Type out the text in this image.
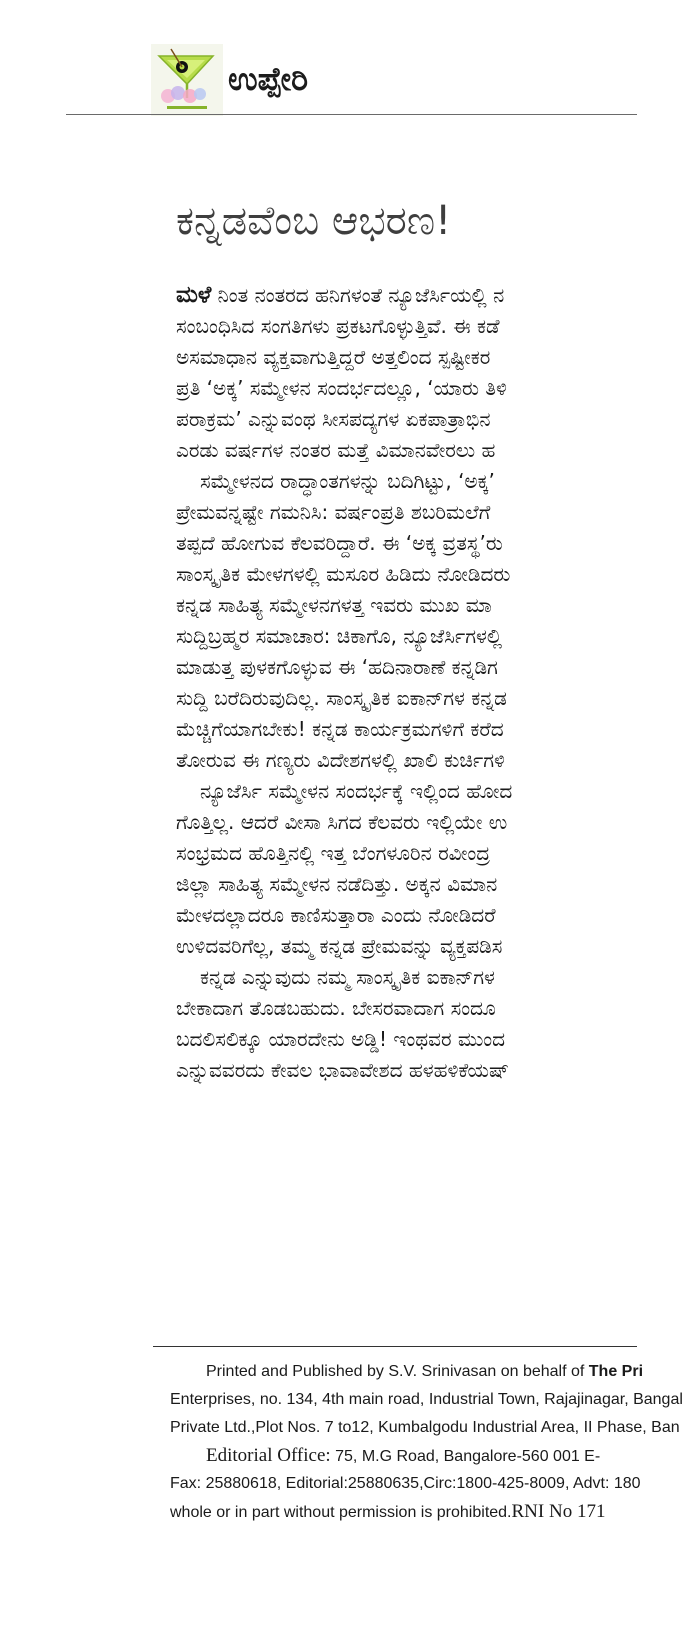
ಉಪ್ಪೇರಿ
ಕನ್ನಡವೆಂಬ ಆಭರಣ!
ಮಳೆ ನಿಂತ ನಂತರದ ಹನಿಗಳಂತೆ ನ್ಯೂಜೆರ್ಸಿಯಲ್ಲಿ ನ
ಸಂಬಂಧಿಸಿದ ಸಂಗತಿಗಳು ಪ್ರಕಟಗೊಳ್ಳುತ್ತಿವೆ. ಈ ಕಡೆ
ಅಸಮಾಧಾನ ವ್ಯಕ್ತವಾಗುತ್ತಿದ್ದರೆ ಅತ್ತಲಿಂದ ಸ್ಪಷ್ಟೀಕರ
ಪ್ರತಿ ‘ಅಕ್ಕ’ ಸಮ್ಮೇಳನ ಸಂದರ್ಭದಲ್ಲೂ, ‘ಯಾರು ತಿಳಿ
ಪರಾಕ್ರಮ’ ಎನ್ನುವಂಥ ಸೀಸಪದ್ಯಗಳ ಏಕಪಾತ್ರಾಭಿನ
ಎರಡು ವರ್ಷಗಳ ನಂತರ ಮತ್ತೆ ವಿಮಾನವೇರಲು ಹ
ಸಮ್ಮೇಳನದ ರಾದ್ಧಾಂತಗಳನ್ನು ಬದಿಗಿಟ್ಟು, ‘ಅಕ್ಕ’
ಪ್ರೇಮವನ್ನಷ್ಟೇ ಗಮನಿಸಿ: ವರ್ಷಂಪ್ರತಿ ಶಬರಿಮಲೆಗೆ
ತಪ್ಪದೆ ಹೋಗುವ ಕೆಲವರಿದ್ದಾರೆ. ಈ ‘ಅಕ್ಕ ವ್ರತಸ್ಥ’ರು
ಸಾಂಸ್ಕೃತಿಕ ಮೇಳಗಳಲ್ಲಿ ಮಸೂರ ಹಿಡಿದು ನೋಡಿದರು
ಕನ್ನಡ ಸಾಹಿತ್ಯ ಸಮ್ಮೇಳನಗಳತ್ತ ಇವರು ಮುಖ ಮಾ
ಸುದ್ದಿಬ್ರಹ್ಮರ ಸಮಾಚಾರ: ಚಿಕಾಗೊ, ನ್ಯೂಜೆರ್ಸಿಗಳಲ್ಲಿ
ಮಾಡುತ್ತ ಪುಳಕಗೊಳ್ಳುವ ಈ ‘ಹದಿನಾರಾಣೆ ಕನ್ನಡಿಗ
ಸುದ್ದಿ ಬರೆದಿರುವುದಿಲ್ಲ. ಸಾಂಸ್ಕೃತಿಕ ಐಕಾನ್‌ಗಳ ಕನ್ನಡ
ಮೆಚ್ಚಿಗೆಯಾಗಬೇಕು! ಕನ್ನಡ ಕಾರ್ಯಕ್ರಮಗಳಿಗೆ ಕರೆದ
ತೋರುವ ಈ ಗಣ್ಯರು ವಿದೇಶಗಳಲ್ಲಿ ಖಾಲಿ ಕುರ್ಚಿಗಳಿ
ನ್ಯೂಜೆರ್ಸಿ ಸಮ್ಮೇಳನ ಸಂದರ್ಭಕ್ಕೆ ಇಲ್ಲಿಂದ ಹೋದ
ಗೊತ್ತಿಲ್ಲ. ಆದರೆ ವೀಸಾ ಸಿಗದ ಕೆಲವರು ಇಲ್ಲಿಯೇ ಉ
ಸಂಭ್ರಮದ ಹೊತ್ತಿನಲ್ಲಿ ಇತ್ತ ಬೆಂಗಳೂರಿನ ರವೀಂದ್ರ
ಜಿಲ್ಲಾ ಸಾಹಿತ್ಯ ಸಮ್ಮೇಳನ ನಡೆದಿತ್ತು. ಅಕ್ಕನ ವಿಮಾನ
ಮೇಳದಲ್ಲಾದರೂ ಕಾಣಿಸುತ್ತಾರಾ ಎಂದು ನೋಡಿದರೆ
ಉಳಿದವರಿಗೆಲ್ಲ, ತಮ್ಮ ಕನ್ನಡ ಪ್ರೇಮವನ್ನು ವ್ಯಕ್ತಪಡಿಸ
ಕನ್ನಡ ಎನ್ನುವುದು ನಮ್ಮ ಸಾಂಸ್ಕೃತಿಕ ಐಕಾನ್‌ಗಳ
ಬೇಕಾದಾಗ ತೊಡಬಹುದು. ಬೇಸರವಾದಾಗ ಸಂದೂ
ಬದಲಿಸಲಿಕ್ಕೂ ಯಾರದೇನು ಅಡ್ಡಿ! ಇಂಥವರ ಮುಂದ
ಎನ್ನುವವರದು ಕೇವಲ ಭಾವಾವೇಶದ ಹಳಹಳಿಕೆಯಷ್
Printed and Published by S.V. Srinivasan on behalf of The Pri
Enterprises, no. 134, 4th main road, Industrial Town, Rajajinagar, Bangal
Private Ltd.,Plot Nos. 7 to12, Kumbalgodu Industrial Area, II Phase, Ban
Editorial Office: 75, M.G Road, Bangalore-560 001 E-
Fax: 25880618, Editorial:25880635,Circ:1800-425-8009, Advt: 180
whole or in part without permission is prohibited.RNI No 171
